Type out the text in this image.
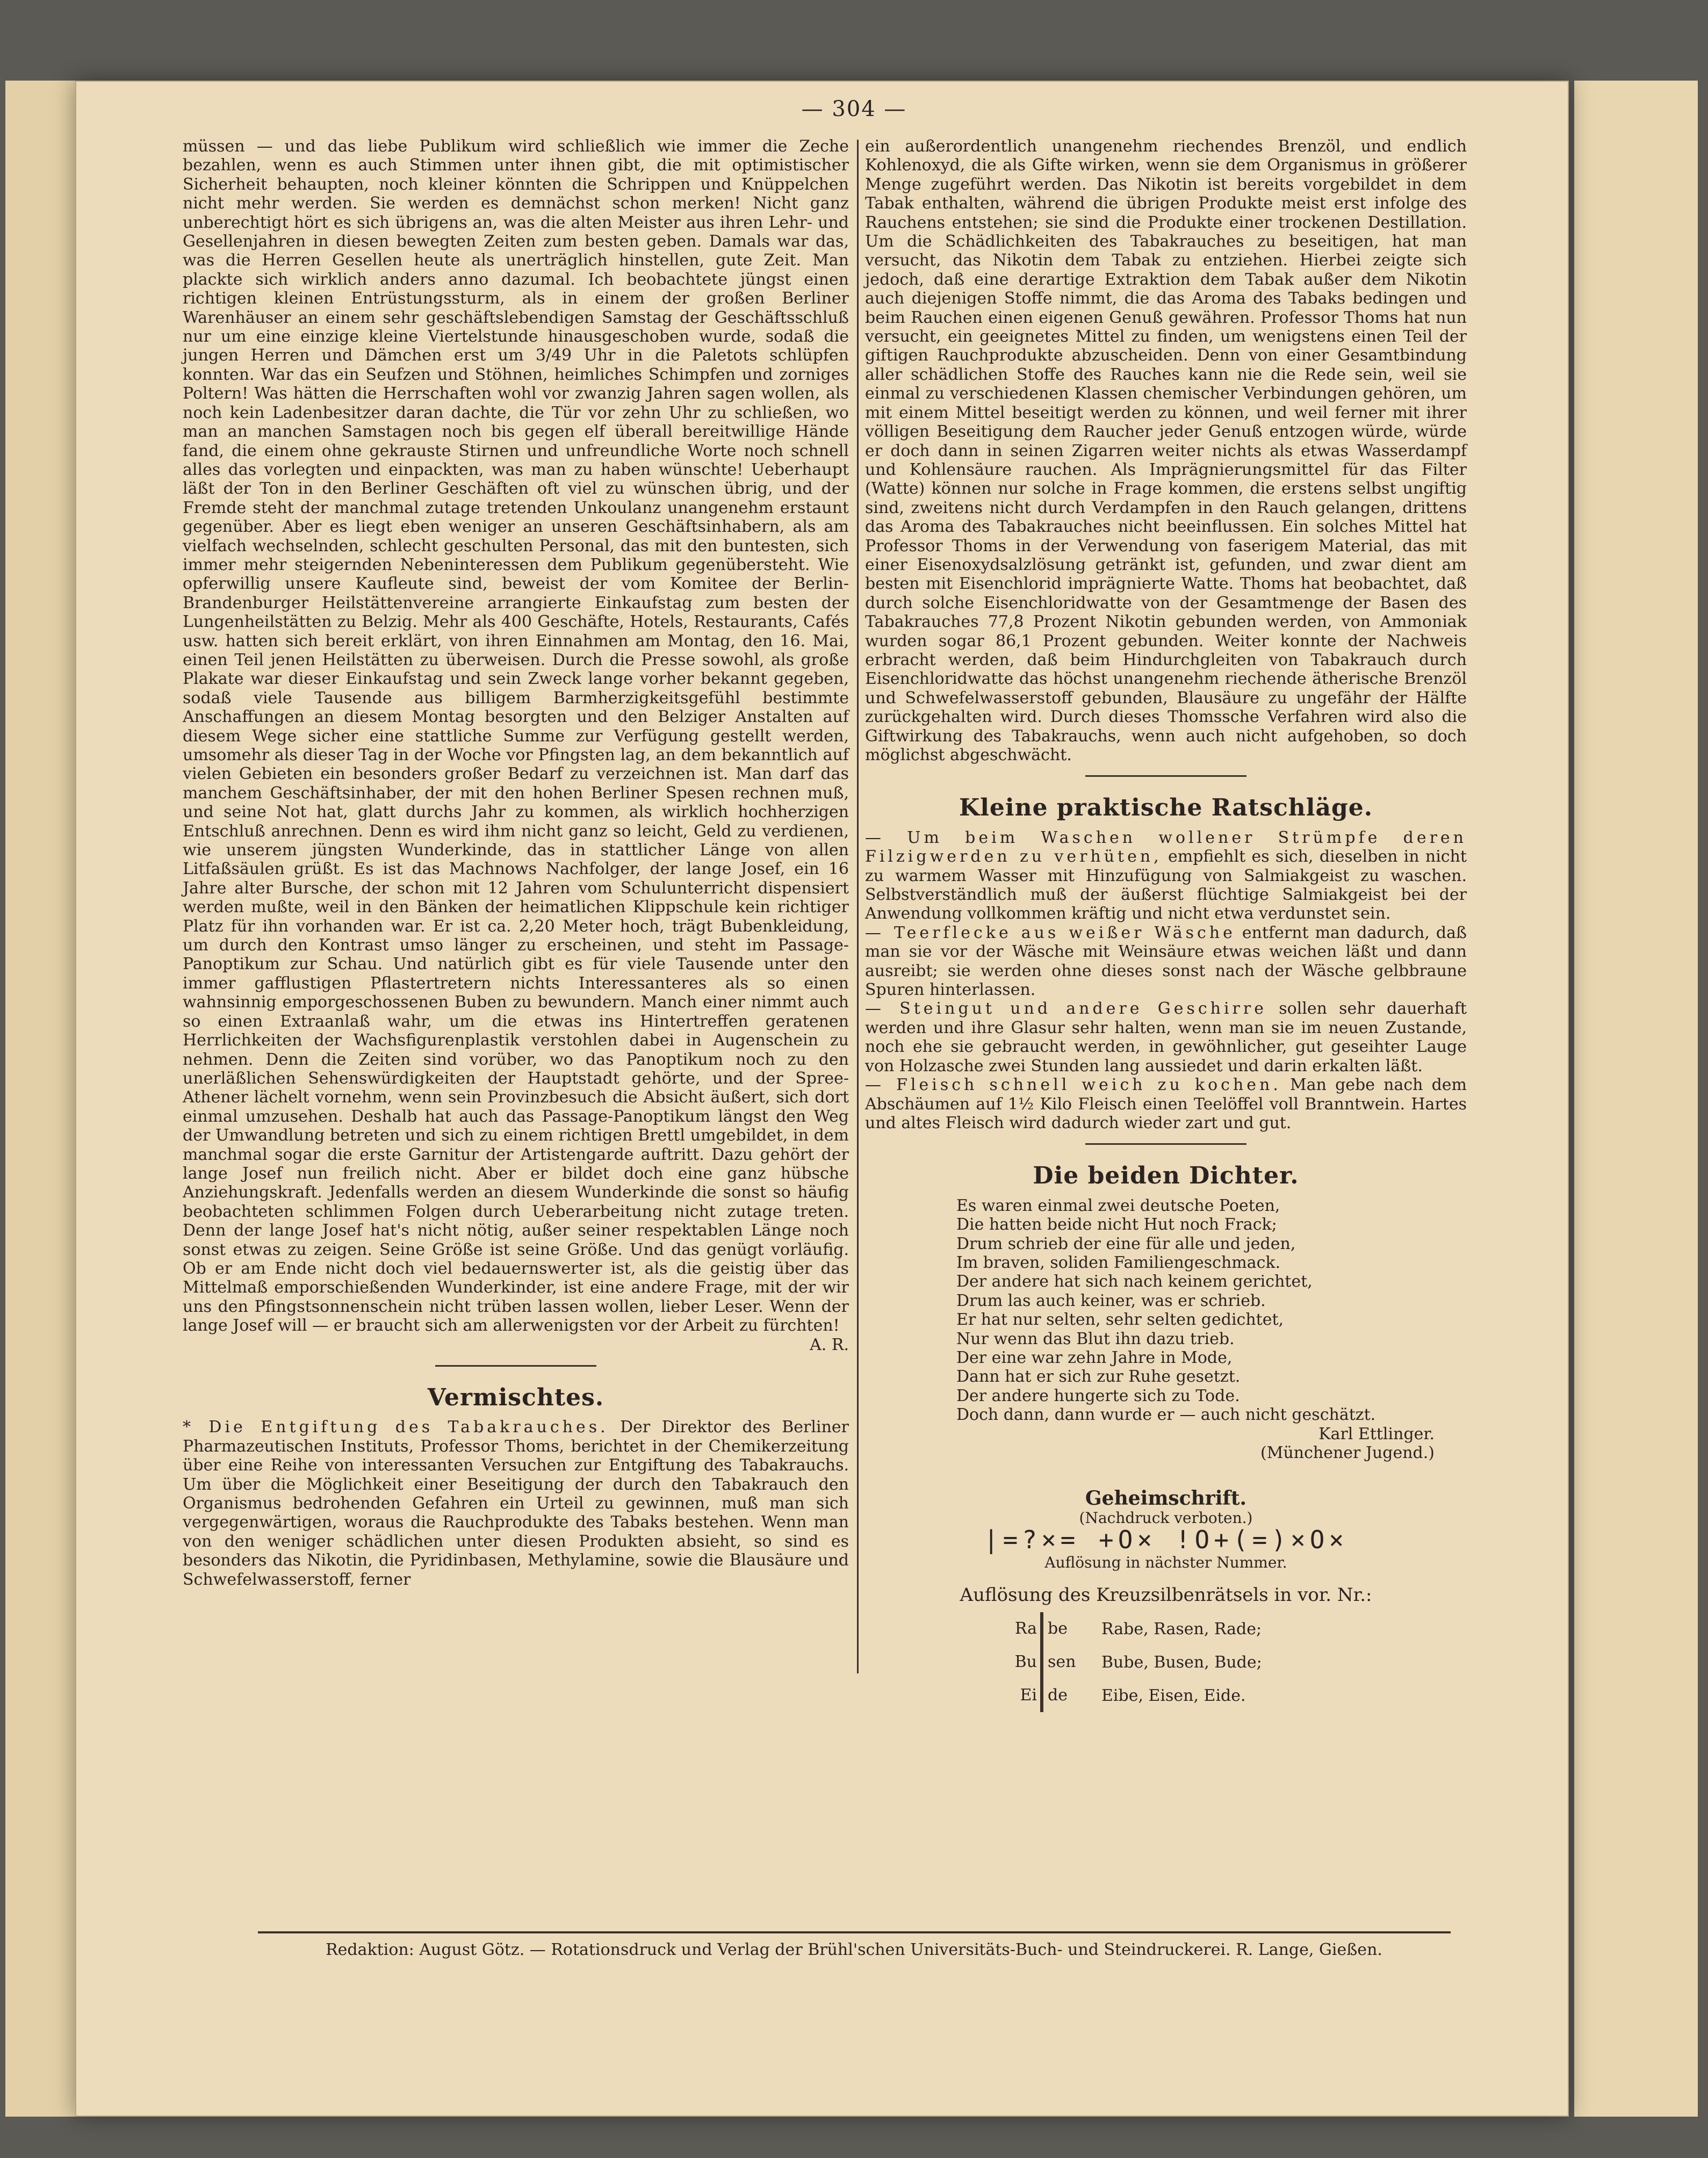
— 304 —

müssen — und das liebe Publikum wird schließlich wie immer die Zeche bezahlen, wenn es auch Stimmen unter ihnen gibt, die mit optimistischer Sicherheit behaupten, noch kleiner könnten die Schrippen und Knüppelchen nicht mehr werden. Sie werden es demnächst schon merken! Nicht ganz unberechtigt hört es sich übrigens an, was die alten Meister aus ihren Lehr- und Gesellenjahren in diesen bewegten Zeiten zum besten geben. Damals war das, was die Herren Gesellen heute als unerträglich hinstellen, gute Zeit. Man plackte sich wirklich anders anno dazumal. Ich beobachtete jüngst einen richtigen kleinen Entrüstungssturm, als in einem der großen Berliner Warenhäuser an einem sehr geschäftslebendigen Samstag der Geschäftsschluß nur um eine einzige kleine Viertelstunde hinausgeschoben wurde, sodaß die jungen Herren und Dämchen erst um 3/49 Uhr in die Paletots schlüpfen konnten. War das ein Seufzen und Stöhnen, heimliches Schimpfen und zorniges Poltern! Was hätten die Herrschaften wohl vor zwanzig Jahren sagen wollen, als noch kein Ladenbesitzer daran dachte, die Tür vor zehn Uhr zu schließen, wo man an manchen Samstagen noch bis gegen elf überall bereitwillige Hände fand, die einem ohne gekrauste Stirnen und unfreundliche Worte noch schnell alles das vorlegten und einpackten, was man zu haben wünschte! Ueberhaupt läßt der Ton in den Berliner Geschäften oft viel zu wünschen übrig, und der Fremde steht der manchmal zutage tretenden Unkoulanz unangenehm erstaunt gegenüber. Aber es liegt eben weniger an unseren Geschäftsinhabern, als am vielfach wechselnden, schlecht geschulten Personal, das mit den buntesten, sich immer mehr steigernden Nebeninteressen dem Publikum gegenübersteht. Wie opferwillig unsere Kaufleute sind, beweist der vom Komitee der Berlin-Brandenburger Heilstättenvereine arrangierte Einkaufstag zum besten der Lungenheilstätten zu Belzig. Mehr als 400 Geschäfte, Hotels, Restaurants, Cafés usw. hatten sich bereit erklärt, von ihren Einnahmen am Montag, den 16. Mai, einen Teil jenen Heilstätten zu überweisen. Durch die Presse sowohl, als große Plakate war dieser Einkaufstag und sein Zweck lange vorher bekannt gegeben, sodaß viele Tausende aus billigem Barmherzigkeitsgefühl bestimmte Anschaffungen an diesem Montag besorgten und den Belziger Anstalten auf diesem Wege sicher eine stattliche Summe zur Verfügung gestellt werden, umsomehr als dieser Tag in der Woche vor Pfingsten lag, an dem bekanntlich auf vielen Gebieten ein besonders großer Bedarf zu verzeichnen ist. Man darf das manchem Geschäftsinhaber, der mit den hohen Berliner Spesen rechnen muß, und seine Not hat, glatt durchs Jahr zu kommen, als wirklich hochherzigen Entschluß anrechnen. Denn es wird ihm nicht ganz so leicht, Geld zu verdienen, wie unserem jüngsten Wunderkinde, das in stattlicher Länge von allen Litfaßsäulen grüßt. Es ist das Machnows Nachfolger, der lange Josef, ein 16 Jahre alter Bursche, der schon mit 12 Jahren vom Schulunterricht dispensiert werden mußte, weil in den Bänken der heimatlichen Klippschule kein richtiger Platz für ihn vorhanden war. Er ist ca. 2,20 Meter hoch, trägt Bubenkleidung, um durch den Kontrast umso länger zu erscheinen, und steht im Passage-Panoptikum zur Schau. Und natürlich gibt es für viele Tausende unter den immer gafflustigen Pflastertretern nichts Interessanteres als so einen wahnsinnig emporgeschossenen Buben zu bewundern. Manch einer nimmt auch so einen Extraanlaß wahr, um die etwas ins Hintertreffen geratenen Herrlichkeiten der Wachsfigurenplastik verstohlen dabei in Augenschein zu nehmen. Denn die Zeiten sind vorüber, wo das Panoptikum noch zu den unerläßlichen Sehenswürdigkeiten der Hauptstadt gehörte, und der Spree-Athener lächelt vornehm, wenn sein Provinzbesuch die Absicht äußert, sich dort einmal umzusehen. Deshalb hat auch das Passage-Panoptikum längst den Weg der Umwandlung betreten und sich zu einem richtigen Brettl umgebildet, in dem manchmal sogar die erste Garnitur der Artistengarde auftritt. Dazu gehört der lange Josef nun freilich nicht. Aber er bildet doch eine ganz hübsche Anziehungskraft. Jedenfalls werden an diesem Wunderkinde die sonst so häufig beobachteten schlimmen Folgen durch Ueberarbeitung nicht zutage treten. Denn der lange Josef hat's nicht nötig, außer seiner respektablen Länge noch sonst etwas zu zeigen. Seine Größe ist seine Größe. Und das genügt vorläufig. Ob er am Ende nicht doch viel bedauernswerter ist, als die geistig über das Mittelmaß emporschießenden Wunderkinder, ist eine andere Frage, mit der wir uns den Pfingstsonnenschein nicht trüben lassen wollen, lieber Leser. Wenn der lange Josef will — er braucht sich am allerwenigsten vor der Arbeit zu fürchten!

A. R.
Vermischtes.

* Die Entgiftung des Tabakrauches. Der Direktor des Berliner Pharmazeutischen Instituts, Professor Thoms, berichtet in der Chemikerzeitung über eine Reihe von interessanten Versuchen zur Entgiftung des Tabakrauchs. Um über die Möglichkeit einer Beseitigung der durch den Tabakrauch den Organismus bedrohenden Gefahren ein Urteil zu gewinnen, muß man sich vergegenwärtigen, woraus die Rauchprodukte des Tabaks bestehen. Wenn man von den weniger schädlichen unter diesen Produkten absieht, so sind es besonders das Nikotin, die Pyridinbasen, Methylamine, sowie die Blausäure und Schwefelwasserstoff, ferner

ein außerordentlich unangenehm riechendes Brenzöl, und endlich Kohlenoxyd, die als Gifte wirken, wenn sie dem Organismus in größerer Menge zugeführt werden. Das Nikotin ist bereits vorgebildet in dem Tabak enthalten, während die übrigen Produkte meist erst infolge des Rauchens entstehen; sie sind die Produkte einer trockenen Destillation. Um die Schädlichkeiten des Tabakrauches zu beseitigen, hat man versucht, das Nikotin dem Tabak zu entziehen. Hierbei zeigte sich jedoch, daß eine derartige Extraktion dem Tabak außer dem Nikotin auch diejenigen Stoffe nimmt, die das Aroma des Tabaks bedingen und beim Rauchen einen eigenen Genuß gewähren. Professor Thoms hat nun versucht, ein geeignetes Mittel zu finden, um wenigstens einen Teil der giftigen Rauchprodukte abzuscheiden. Denn von einer Gesamtbindung aller schädlichen Stoffe des Rauches kann nie die Rede sein, weil sie einmal zu verschiedenen Klassen chemischer Verbindungen gehören, um mit einem Mittel beseitigt werden zu können, und weil ferner mit ihrer völligen Beseitigung dem Raucher jeder Genuß entzogen würde, würde er doch dann in seinen Zigarren weiter nichts als etwas Wasserdampf und Kohlensäure rauchen. Als Imprägnierungsmittel für das Filter (Watte) können nur solche in Frage kommen, die erstens selbst ungiftig sind, zweitens nicht durch Verdampfen in den Rauch gelangen, drittens das Aroma des Tabakrauches nicht beeinflussen. Ein solches Mittel hat Professor Thoms in der Verwendung von faserigem Material, das mit einer Eisenoxydsalzlösung getränkt ist, gefunden, und zwar dient am besten mit Eisenchlorid imprägnierte Watte. Thoms hat beobachtet, daß durch solche Eisenchloridwatte von der Gesamtmenge der Basen des Tabakrauches 77,8 Prozent Nikotin gebunden werden, von Ammoniak wurden sogar 86,1 Prozent gebunden. Weiter konnte der Nachweis erbracht werden, daß beim Hindurchgleiten von Tabakrauch durch Eisenchloridwatte das höchst unangenehm riechende ätherische Brenzöl und Schwefelwasserstoff gebunden, Blausäure zu ungefähr der Hälfte zurückgehalten wird. Durch dieses Thomssche Verfahren wird also die Giftwirkung des Tabakrauchs, wenn auch nicht aufgehoben, so doch möglichst abgeschwächt.

Kleine praktische Ratschläge.

— Um beim Waschen wollener Strümpfe deren Filzigwerden zu verhüten, empfiehlt es sich, dieselben in nicht zu warmem Wasser mit Hinzufügung von Salmiakgeist zu waschen. Selbstverständlich muß der äußerst flüchtige Salmiakgeist bei der Anwendung vollkommen kräftig und nicht etwa verdunstet sein.

— Teerflecke aus weißer Wäsche entfernt man dadurch, daß man sie vor der Wäsche mit Weinsäure etwas weichen läßt und dann ausreibt; sie werden ohne dieses sonst nach der Wäsche gelbbraune Spuren hinterlassen.

— Steingut und andere Geschirre sollen sehr dauerhaft werden und ihre Glasur sehr halten, wenn man sie im neuen Zustande, noch ehe sie gebraucht werden, in gewöhnlicher, gut geseihter Lauge von Holzasche zwei Stunden lang aussiedet und darin erkalten läßt.

— Fleisch schnell weich zu kochen. Man gebe nach dem Abschäumen auf 1½ Kilo Fleisch einen Teelöffel voll Branntwein. Hartes und altes Fleisch wird dadurch wieder zart und gut.

Die beiden Dichter.
Es waren einmal zwei deutsche Poeten,
Die hatten beide nicht Hut noch Frack;
Drum schrieb der eine für alle und jeden,
Im braven, soliden Familiengeschmack.
Der andere hat sich nach keinem gerichtet,
Drum las auch keiner, was er schrieb.
Er hat nur selten, sehr selten gedichtet,
Nur wenn das Blut ihn dazu trieb.
Der eine war zehn Jahre in Mode,
Dann hat er sich zur Ruhe gesetzt.
Der andere hungerte sich zu Tode.
Doch dann, dann wurde er — auch nicht geschätzt.
Karl Ettlinger.
(Münchener Jugend.)
Geheimschrift.
(Nachdruck verboten.)
|=?×= +O× !O+(=)×O×
Auflösung in nächster Nummer.
Auflösung des Kreuzsilbenrätsels in vor. Nr.:
Ra be	Rabe, Rasen, Rade;
Bu sen Bube, Busen, Bude;
Ei de	Eibe, Eisen, Eide.
Redaktion: August Götz. — Rotationsdruck und Verlag der Brühl'schen Universitäts-Buch- und Steindruckerei. R. Lange, Gießen.
